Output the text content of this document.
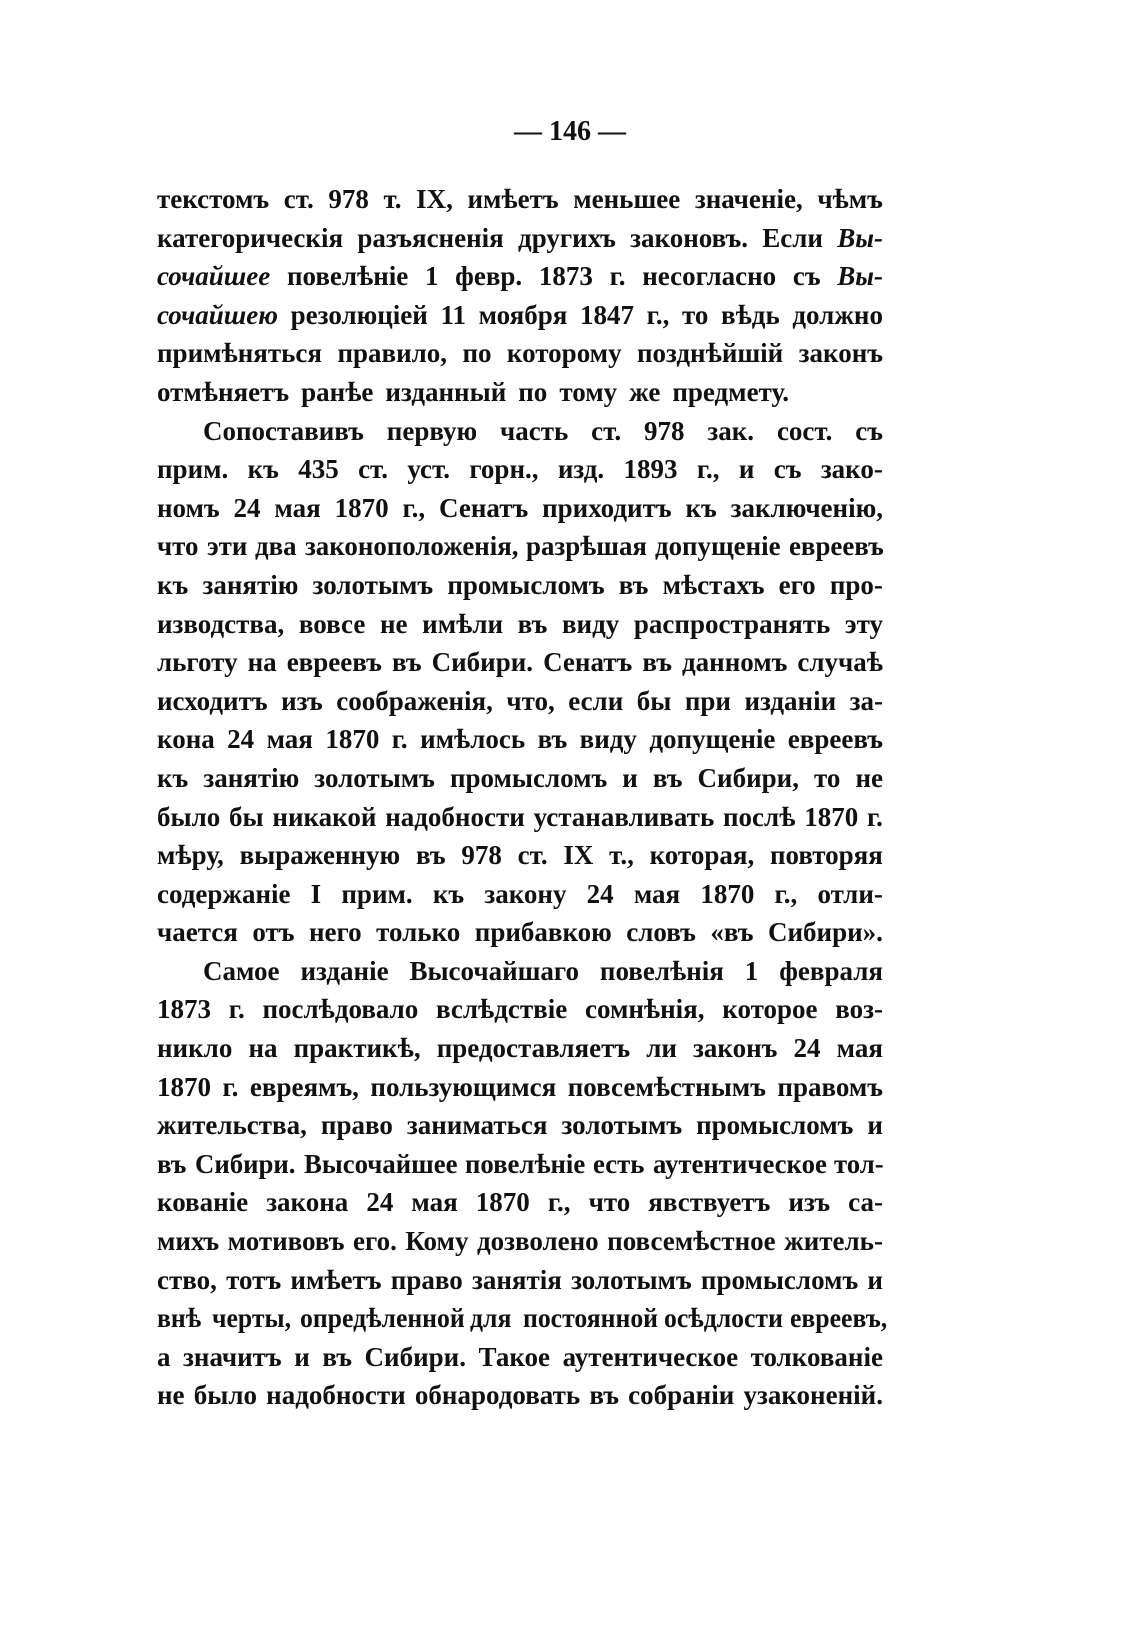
— 146 —
текстомъ ст. 978 т. IX, имѣетъ меньшее значеніе, чѣмъ
категорическія разъясненія другихъ законовъ. Если Вы-
сочайшее повелѣніе 1 февр. 1873 г. несогласно съ Вы-
сочайшею резолюціей 11 моября 1847 г., то вѣдь должно
примѣняться правило, по которому позднѣйшій законъ
отмѣняетъ ранѣе изданный по тому же предмету.
Сопоставивъ первую часть ст. 978 зак. сост. съ
прим. къ 435 ст. уст. горн., изд. 1893 г., и съ зако-
номъ 24 мая 1870 г., Сенатъ приходитъ къ заключенію,
что эти два законоположенія, разрѣшая допущеніе евреевъ
къ занятію золотымъ промысломъ въ мѣстахъ его про-
изводства, вовсе не имѣли въ виду распространять эту
льготу на евреевъ въ Сибири. Сенатъ въ данномъ случаѣ
исходитъ изъ соображенія, что, если бы при изданіи за-
кона 24 мая 1870 г. имѣлось въ виду допущеніе евреевъ
къ занятію золотымъ промысломъ и въ Сибири, то не
было бы никакой надобности устанавливать послѣ 1870 г.
мѣру, выраженную въ 978 ст. IX т., которая, повторяя
содержаніе I прим. къ закону 24 мая 1870 г., отли-
чается отъ него только прибавкою словъ «въ Сибири».
Самое изданіе Высочайшаго повелѣнія 1 февраля
1873 г. послѣдовало вслѣдствіе сомнѣнія, которое воз-
никло на практикѣ, предоставляетъ ли законъ 24 мая
1870 г. евреямъ, пользующимся повсемѣстнымъ правомъ
жительства, право заниматься золотымъ промысломъ и
въ Сибири. Высочайшее повелѣніе есть аутентическое тол-
кованіе закона 24 мая 1870 г., что явствуетъ изъ са-
михъ мотивовъ его. Кому дозволено повсемѣстное житель-
ство, тотъ имѣетъ право занятія золотымъ промысломъ и
внѣ черты, опредѣленной для постоянной осѣдлости евреевъ,
а значитъ и въ Сибири. Такое аутентическое толкованіе
не было надобности обнародовать въ собраніи узаконеній.
